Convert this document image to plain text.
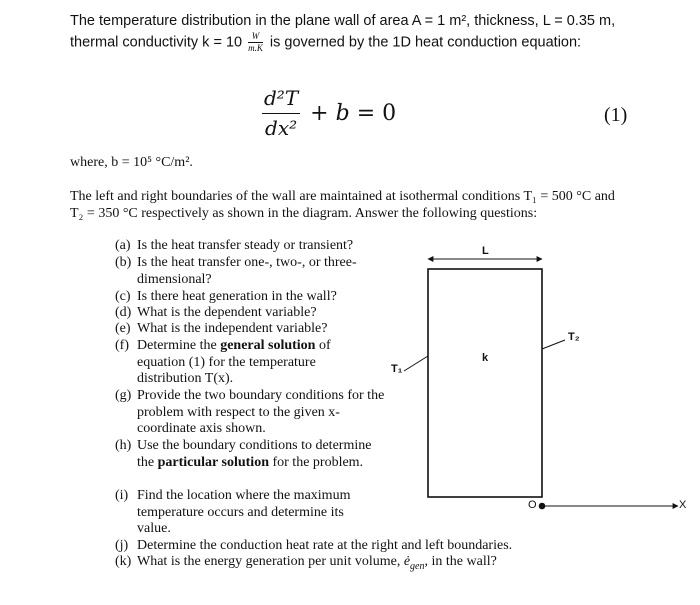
The temperature distribution in the plane wall of area A = 1 m², thickness, L = 0.35 m,
thermal conductivity $k = 10 \frac{W}{m.K}$ is governed by the 1D heat conduction equation:
$\frac{\text{d²T}}{\text{dx²}} + b = 0$	(1)
where, b = 10⁵ °C/m².
The left and right boundaries of the wall are maintained at isothermal conditions T₁ = 500 °C and
T₂ = 350 °C respectively as shown in the diagram. Answer the following questions:
(a) Is the heat transfer steady or transient?
(b) Is the heat transfer one-, two-, or three-dimensional?
(c) Is there heat generation in the wall?
(d) What is the dependent variable?
(e) What is the independent variable?
(f) Determine the general solution of equation (1) for the temperature distribution T(x).
(g) Provide the two boundary conditions for the problem with respect to the given x-coordinate axis shown.
(h) Use the boundary conditions to determine the particular solution for the problem.
(i) Find the location where the maximum temperature occurs and determine its value.
(j) Determine the conduction heat rate at the right and left boundaries.
(k) What is the energy generation per unit volume, $ė_{gen}$, in the wall?
L
k
T₁
T₂
O	X
